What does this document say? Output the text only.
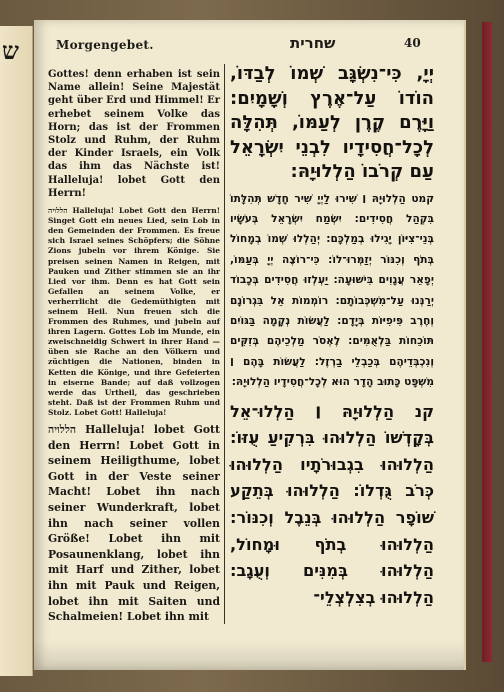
ש	Morgengebet.	שחרית	40

Gottes! denn erhaben ist sein Name allein! Seine Majestät geht über Erd und Himmel! Er erhebet seinem Volke das Horn; das ist der Frommen Stolz und Ruhm, der Ruhm der Kinder Israels, ein Volk das ihm das Nächste ist! Halleluja! lobet Gott den Herrn!

הללויה Halleluja! Lobet Gott den Herrn! Singet Gott ein neues Lied, sein Lob in den Gemeinden der Frommen. Es freue sich Israel seines Schöpfers; die Söhne Zions jubeln vor ihrem Könige. Sie preisen seinen Namen in Reigen, mit Pauken und Zither stimmen sie an ihr Lied vor ihm. Denn es hat Gott sein Gefallen an seinem Volke, er verherrlicht die Gedemüthigten mit seinem Heil. Nun freuen sich die Frommen des Ruhmes, und jubeln auf ihren Lagern. Gottes Lob im Munde, ein zweischneidig Schwert in ihrer Hand — üben sie Rache an den Völkern und züchtigen die Nationen, binden in Ketten die Könige, und ihre Gefeierten in eiserne Bande; auf daß vollzogen werde das Urtheil, das geschrieben steht. Daß ist der Frommen Ruhm und Stolz. Lobet Gott! Halleluja!

הללויה Halleluja! lobet Gott den Herrn! Lobet Gott in seinem Heiligthume, lobet Gott in der Veste seiner Macht! Lobet ihn nach seiner Wunderkraft, lobet ihn nach seiner vollen Größe! Lobet ihn mit Posaunenklang, lobet ihn mit Harf und Zither, lobet ihn mit Pauk und Reigen, lobet ihn mit Saiten und Schalmeien! Lobet ihn mit

יְיָ, כִּי־נִשְׂגָּב שְׁמוֹ לְבַדּוֹ, הוֹדוֹ עַל־אֶרֶץ וְשָׁמָיִם: וַיָּרֶם קֶרֶן לְעַמּוֹ, תְּהִלָּה לְכָל־חֲסִידָיו לִבְנֵי יִשְׂרָאֵל עַם קְרֹבוֹ הַלְלוּיָהּ:

קמט הַלְלוּיָהּ ׀ שִׁירוּ לַיְיָ שִׁיר חָדָשׁ תְּהִלָּתוֹ בִּקְהַל חֲסִידִים: יִשְׂמַח יִשְׂרָאֵל בְּעֹשָׂיו בְּנֵי־צִיּוֹן יָגִילוּ בְמַלְכָּם: יְהַלְלוּ שְׁמוֹ בְמָחוֹל בְּתֹף וְכִנּוֹר יְזַמְּרוּ־לוֹ: כִּי־רוֹצֶה יְיָ בְּעַמּוֹ, יְפָאֵר עֲנָוִים בִּישׁוּעָה: יַעְלְזוּ חֲסִידִים בְּכָבוֹד יְרַנְּנוּ עַל־מִשְׁכְּבוֹתָם: רוֹמְמוֹת אֵל בִּגְרוֹנָם וְחֶרֶב פִּיפִיּוֹת בְּיָדָם: לַעֲשׂוֹת נְקָמָה בַּגּוֹיִם תּוֹכֵחוֹת בַּלְאֻמִּים: לֶאְסֹר מַלְכֵיהֶם בְּזִקִּים וְנִכְבְּדֵיהֶם בְּכַבְלֵי בַרְזֶל: לַעֲשׂוֹת בָּהֶם ׀ מִשְׁפָּט כָּתוּב הָדָר הוּא לְכָל־חֲסִידָיו הַלְלוּיָהּ:

קנ הַלְלוּיָהּ ׀ הַלְלוּ־אֵל בְּקָדְשׁוֹ הַלְלוּהוּ בִּרְקִיעַ עֻזּוֹ: הַלְלוּהוּ בִגְבוּרֹתָיו הַלְלוּהוּ כְּרֹב גֻּדְלוֹ: הַלְלוּהוּ בְּתֵקַע שׁוֹפָר הַלְלוּהוּ בְּנֵבֶל וְכִנּוֹר: הַלְלוּהוּ בְתֹף וּמָחוֹל, הַלְלוּהוּ בְּמִנִּים וְעֻגָב: הַלְלוּהוּ בְצִלְצְלֵי־
